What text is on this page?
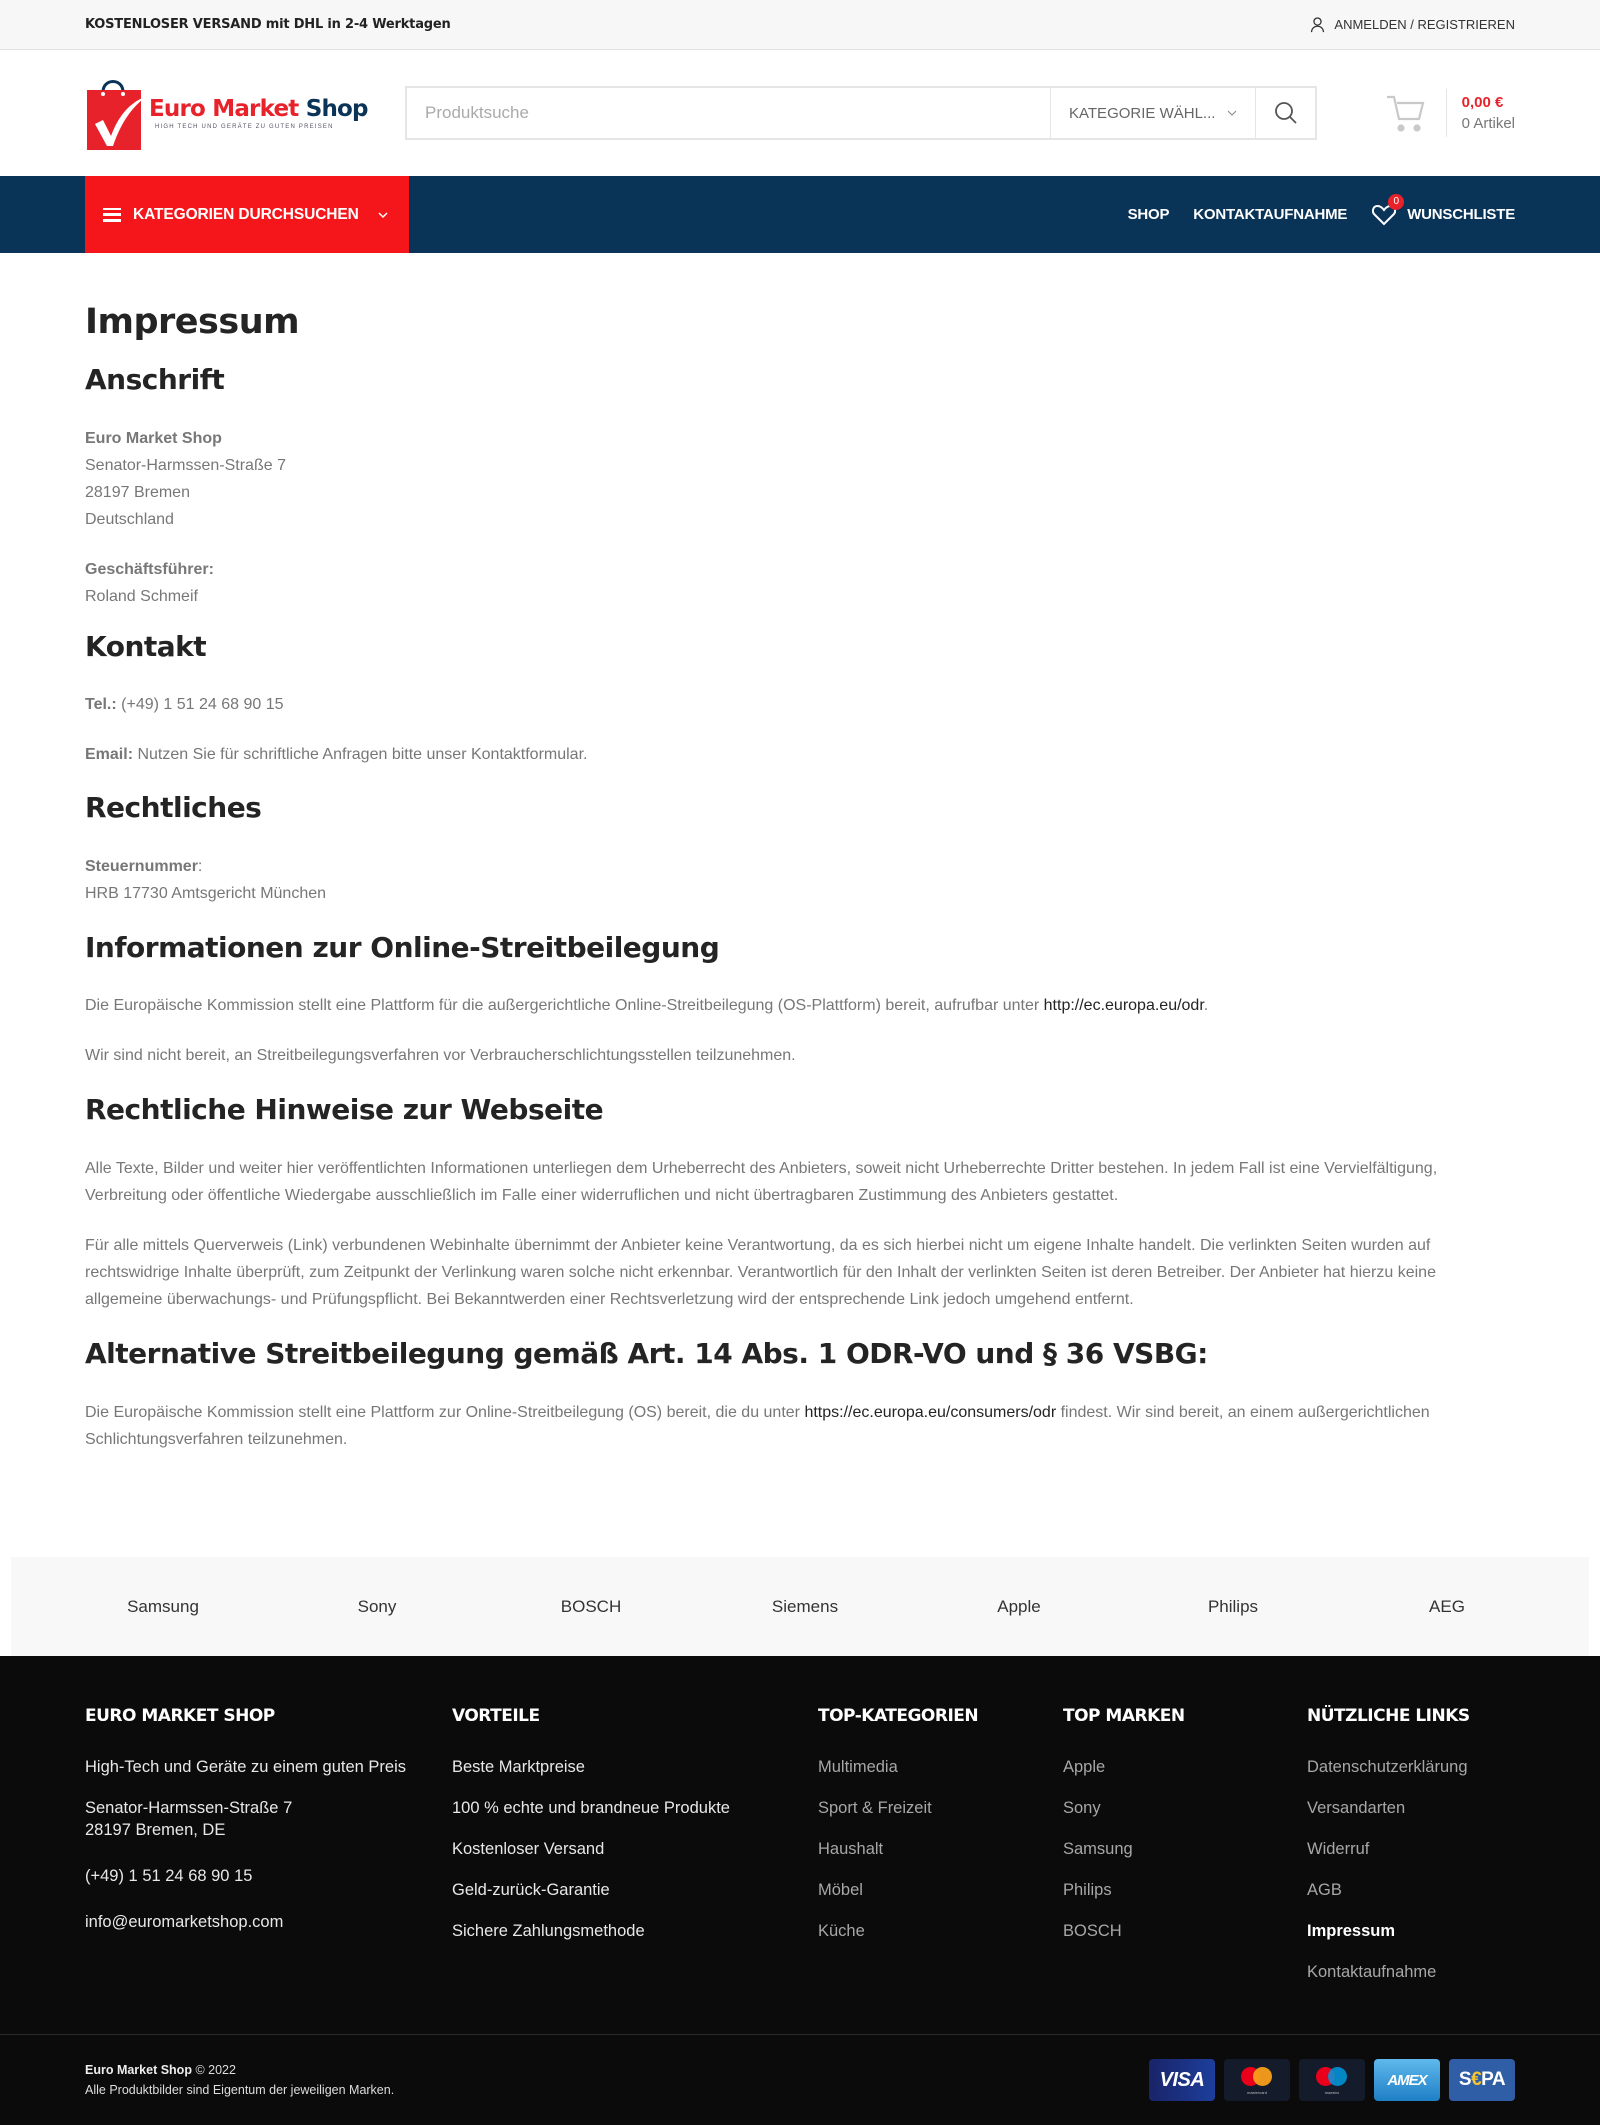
KOSTENLOSER VERSAND mit DHL in 2-4 Werktagen	ANMELDEN / REGISTRIEREN
Euro Market Shop
HIGH TECH UND GERÄTE ZU GUTEN PREISEN
Produktsuche
KATEGORIE WÄHL...
0,00 €
0 Artikel
KATEGORIEN DURCHSUCHEN	SHOP KONTAKTAUFNAHME
0
WUNSCHLISTE
Impressum
Anschrift

Euro Market Shop
Senator-Harmssen-Straße 7
28197 Bremen
Deutschland

Geschäftsführer:
Roland Schmeif

Kontakt

Tel.: (+49) 1 51 24 68 90 15

Email: Nutzen Sie für schriftliche Anfragen bitte unser Kontaktformular.

Rechtliches

Steuernummer:
HRB 17730 Amtsgericht München

Informationen zur Online-Streitbeilegung

Die Europäische Kommission stellt eine Plattform für die außergerichtliche Online-Streitbeilegung (OS-Plattform) bereit, aufrufbar unter http://ec.europa.eu/odr.

Wir sind nicht bereit, an Streitbeilegungsverfahren vor Verbraucherschlichtungsstellen teilzunehmen.

Rechtliche Hinweise zur Webseite

Alle Texte, Bilder und weiter hier veröffentlichten Informationen unterliegen dem Urheberrecht des Anbieters, soweit nicht Urheberrechte Dritter bestehen. In jedem Fall ist eine Vervielfältigung, Verbreitung oder öffentliche Wiedergabe ausschließlich im Falle einer widerruflichen und nicht übertragbaren Zustimmung des Anbieters gestattet.

Für alle mittels Querverweis (Link) verbundenen Webinhalte übernimmt der Anbieter keine Verantwortung, da es sich hierbei nicht um eigene Inhalte handelt. Die verlinkten Seiten wurden auf rechtswidrige Inhalte überprüft, zum Zeitpunkt der Verlinkung waren solche nicht erkennbar. Verantwortlich für den Inhalt der verlinkten Seiten ist deren Betreiber. Der Anbieter hat hierzu keine allgemeine überwachungs- und Prüfungspflicht. Bei Bekanntwerden einer Rechtsverletzung wird der entsprechende Link jedoch umgehend entfernt.

Alternative Streitbeilegung gemäß Art. 14 Abs. 1 ODR-VO und § 36 VSBG:

Die Europäische Kommission stellt eine Plattform zur Online-Streitbeilegung (OS) bereit, die du unter https://ec.europa.eu/consumers/odr findest. Wir sind bereit, an einem außergerichtlichen Schlichtungsverfahren teilzunehmen.

Samsung	Sony	BOSCH	Siemens	Apple	Philips	AEG
EURO MARKET SHOP
High-Tech und Geräte zu einem guten Preis
Senator-Harmssen-Straße 7
28197 Bremen, DE
(+49) 1 51 24 68 90 15
info@euromarketshop.com
VORTEILE
Beste Marktpreise
100 % echte und brandneue Produkte
Kostenloser Versand
Geld-zurück-Garantie
Sichere Zahlungsmethode
TOP-KATEGORIEN
Multimedia
Sport & Freizeit
Haushalt
Möbel
Küche
TOP MARKEN
Apple
Sony
Samsung
Philips
BOSCH
NÜTZLICHE LINKS
Datenschutzerklärung
Versandarten
Widerruf
AGB
Impressum
Kontaktaufnahme
Euro Market Shop © 2022
Alle Produktbilder sind Eigentum der jeweiligen Marken.	VISA
mastercard	maestro
AMEX S € PA
